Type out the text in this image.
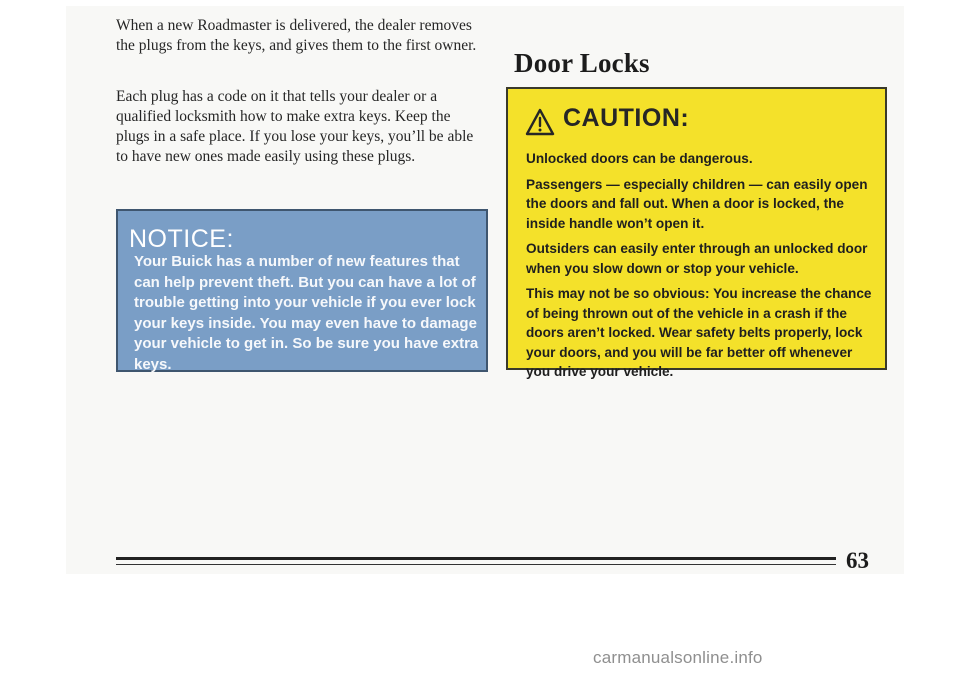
When a new Roadmaster is delivered, the dealer removes the plugs from the keys, and gives them to the first owner.

Each plug has a code on it that tells your dealer or a qualified locksmith how to make extra keys. Keep the plugs in a safe place. If you lose your keys, you’ll be able to have new ones made easily using these plugs.

NOTICE:

Your Buick has a number of new features that can help prevent theft. But you can have a lot of trouble getting into your vehicle if you ever lock your keys inside. You may even have to damage your vehicle to get in. So be sure you have extra keys.

Door Locks
CAUTION:

Unlocked doors can be dangerous.

Passengers — especially children — can easily open the doors and fall out. When a door is locked, the inside handle won’t open it.

Outsiders can easily enter through an unlocked door when you slow down or stop your vehicle.

This may not be so obvious: You increase the chance of being thrown out of the vehicle in a crash if the doors aren’t locked. Wear safety belts properly, lock your doors, and you will be far better off whenever you drive your vehicle.

63

carmanualsonline.info
